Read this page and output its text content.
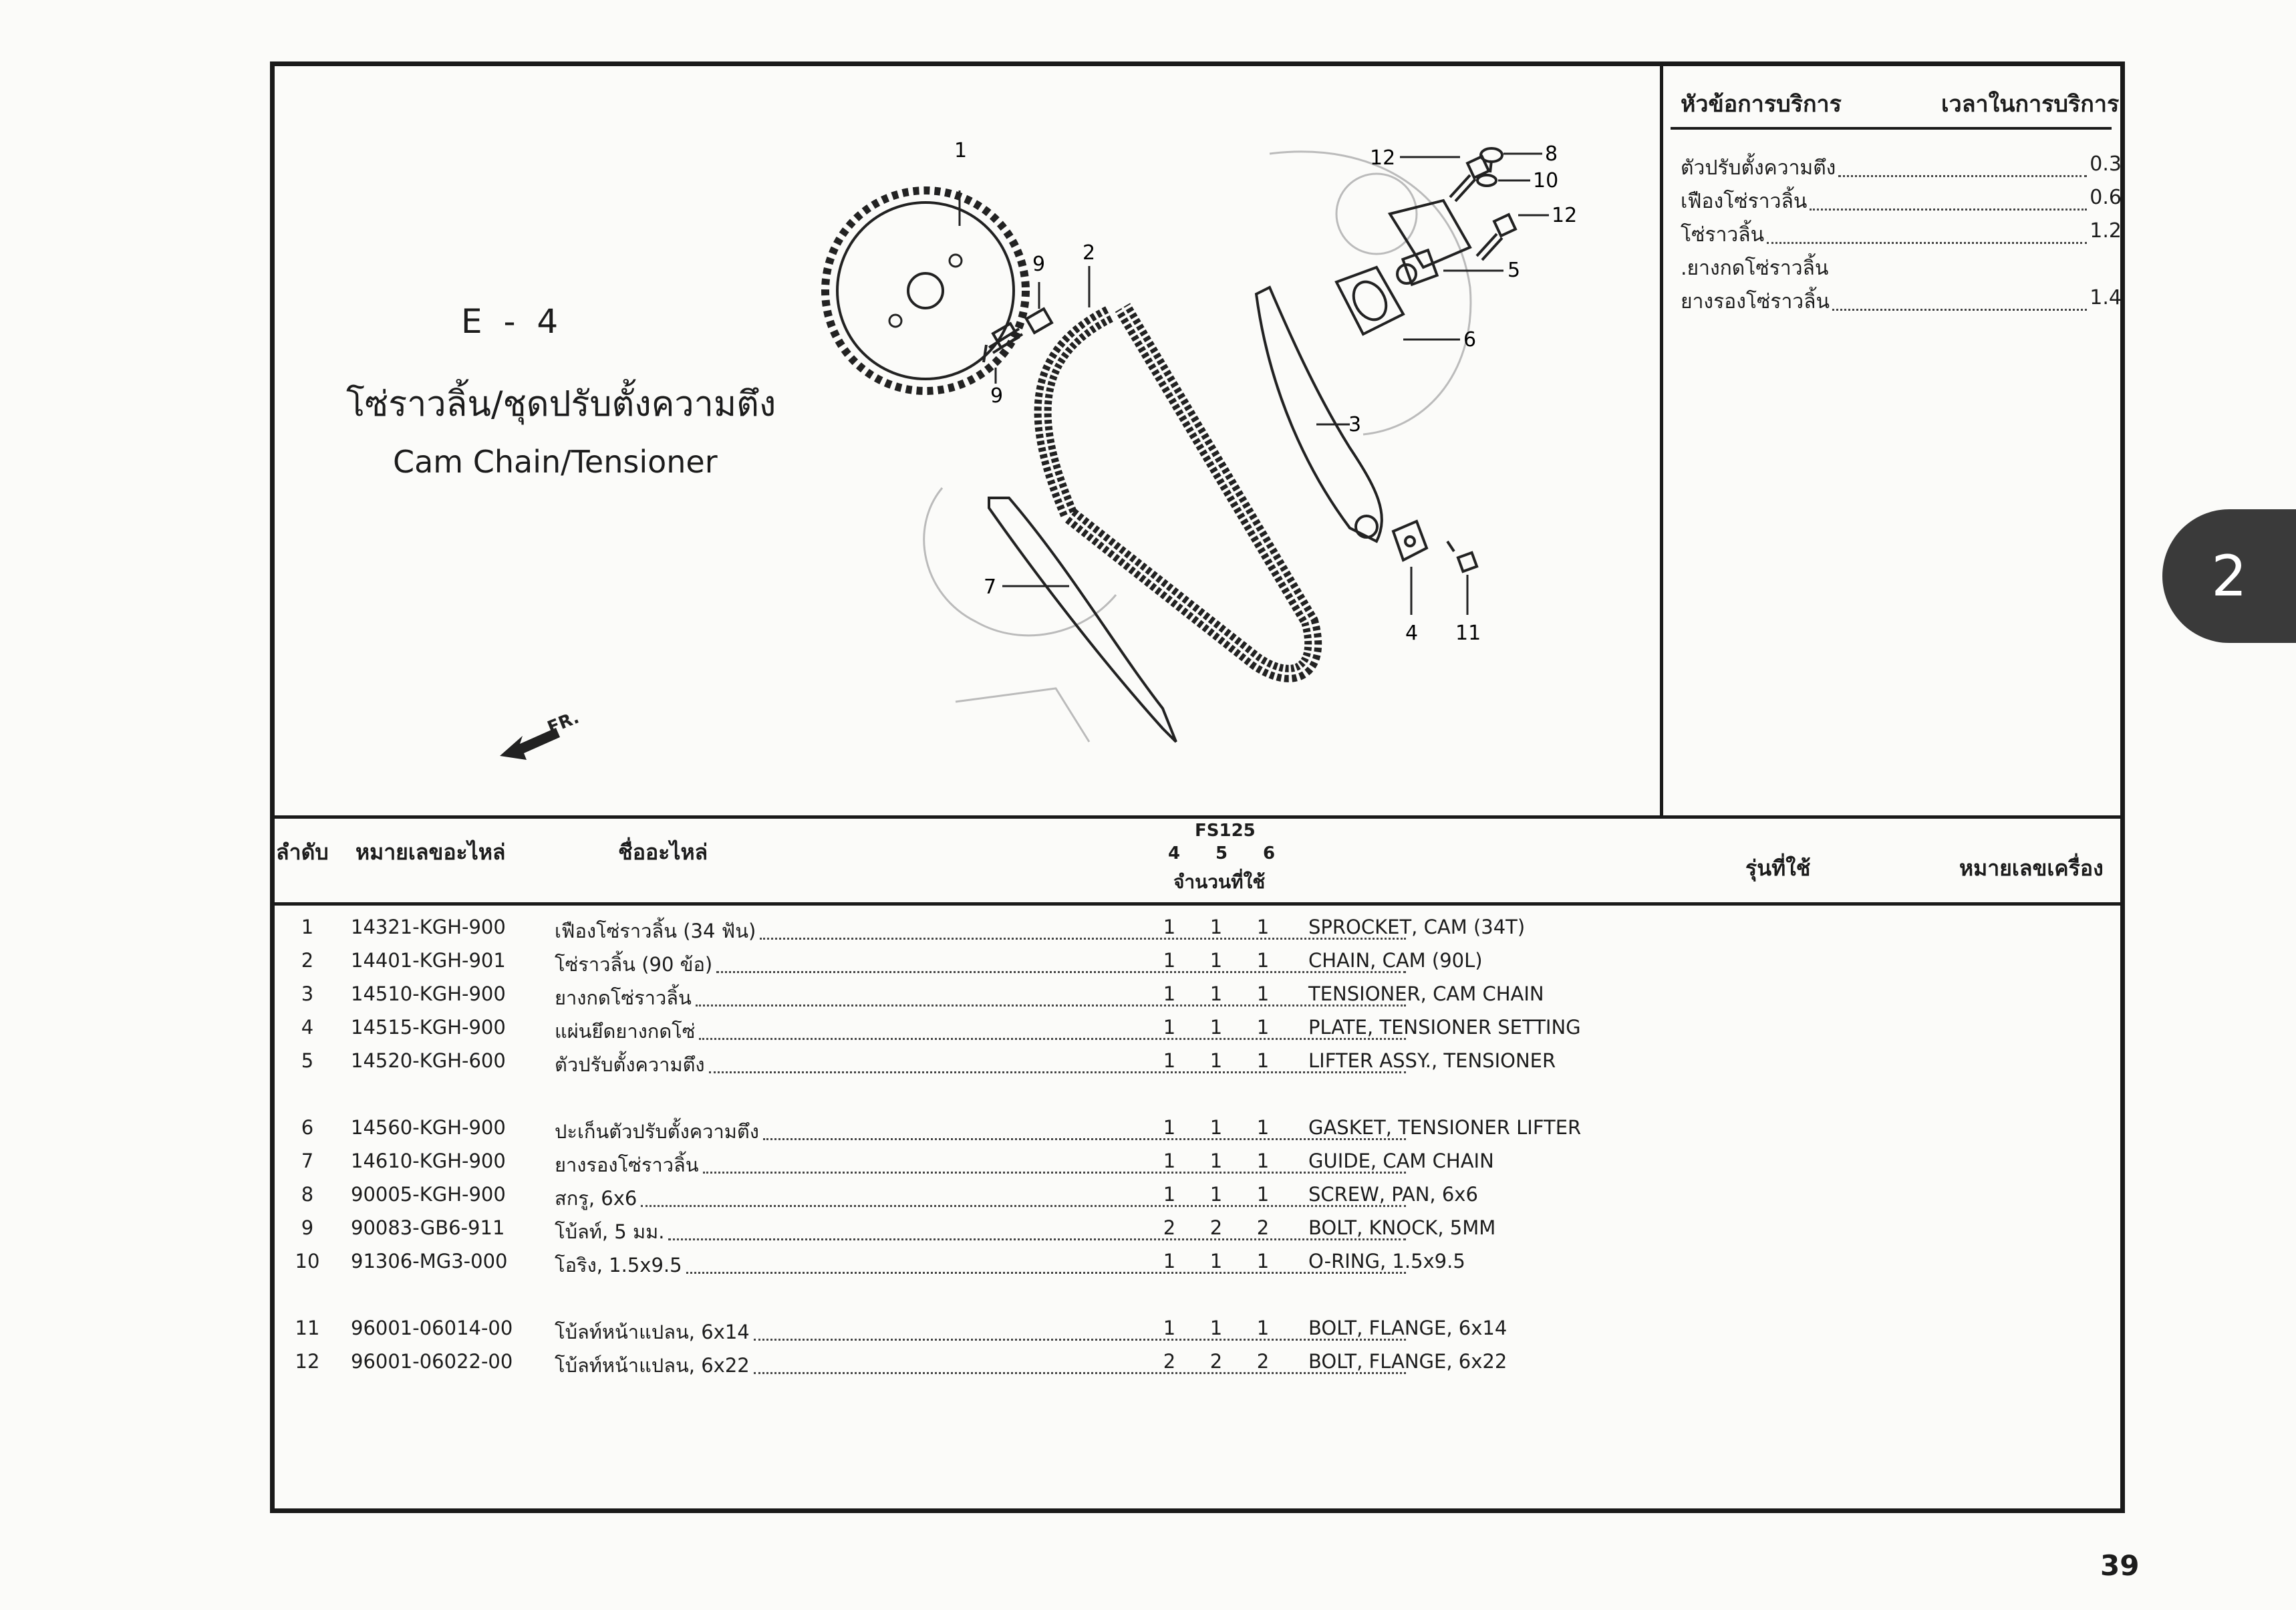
E - 4
โซ่ราวลิ้น/ชุดปรับตั้งความตึง
Cam Chain/Tensioner
FR.
1
9
9
2
3
7
4 11
6
5
12
12
8
10
หัวข้อการบริการ	เวลาในการบริการ
ตัวปรับตั้งความตึง	0.3
เฟืองโซ่ราวลิ้น	0.6
โซ่ราวลิ้น	1.2
.ยางกดโซ่ราวลิ้น
ยางรองโซ่ราวลิ้น	1.4
2
ลำดับ หมายเลขอะไหล่	ชื่ออะไหล่
FS125
4 5 6
จำนวนที่ใช้
รุ่นที่ใช้	หมายเลขเครื่อง
1	14321-KGH-900	เฟืองโซ่ราวลิ้น (34 ฟัน)	1	1	1	SPROCKET, CAM (34T)
2	14401-KGH-901	โซ่ราวลิ้น (90 ข้อ)	1	1	1	CHAIN, CAM (90L)
3	14510-KGH-900	ยางกดโซ่ราวลิ้น	1	1	1	TENSIONER, CAM CHAIN
4	14515-KGH-900	แผ่นยึดยางกดโซ่	1	1	1	PLATE, TENSIONER SETTING
5	14520-KGH-600	ตัวปรับตั้งความตึง	1	1	1	LIFTER ASSY., TENSIONER
6	14560-KGH-900	ปะเก็นตัวปรับตั้งความตึง	1	1	1	GASKET, TENSIONER LIFTER
7	14610-KGH-900	ยางรองโซ่ราวลิ้น	1	1	1	GUIDE, CAM CHAIN
8	90005-KGH-900	สกรู, 6x6	1	1	1	SCREW, PAN, 6x6
9	90083-GB6-911	โบ้ลท์, 5 มม.	2	2	2	BOLT, KNOCK, 5MM
10	91306-MG3-000 โอริง, 1.5x9.5	1	1	1	O-RING, 1.5x9.5
11	96001-06014-00 โบ้ลท์หน้าแปลน, 6x14	1	1	1	BOLT, FLANGE, 6x14
12	96001-06022-00 โบ้ลท์หน้าแปลน, 6x22	2	2	2	BOLT, FLANGE, 6x22
39
